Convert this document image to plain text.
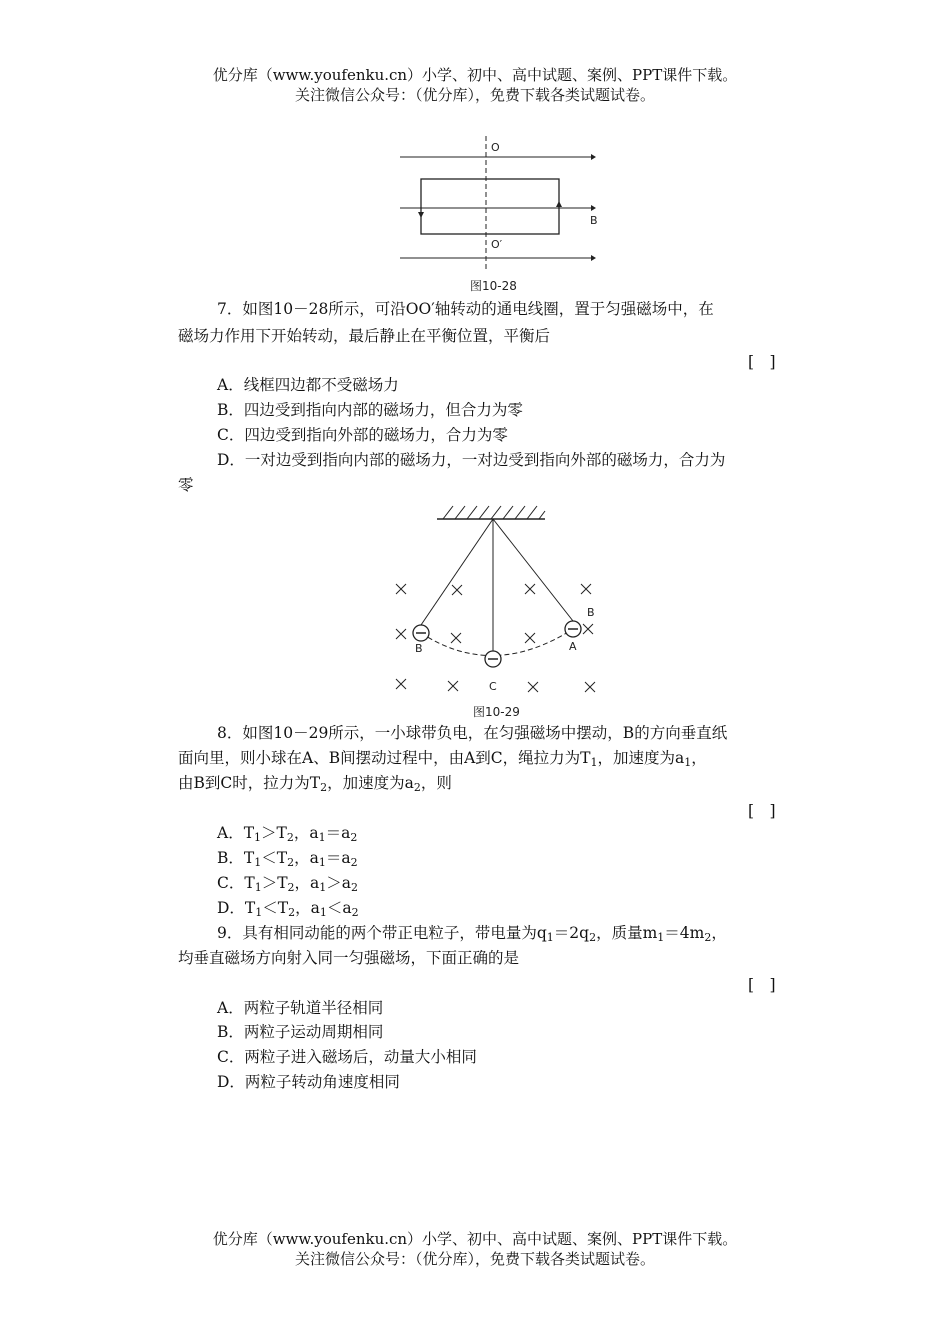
优分库（www.youfenku.cn）小学、初中、高中试题、案例、PPT课件下载。
关注微信公众号：（优分库），免费下载各类试题试卷。
O
O′
B
图10-28
7．如图10－28所示，可沿OO′轴转动的通电线圈，置于匀强磁场中，在
磁场力作用下开始转动，最后静止在平衡位置，平衡后
[　]
A．线框四边都不受磁场力
B．四边受到指向内部的磁场力，但合力为零
C．四边受到指向外部的磁场力，合力为零
D．一对边受到指向内部的磁场力，一对边受到指向外部的磁场力，合力为
零
B
B	A
C
图10-29
8．如图10－29所示，一小球带负电，在匀强磁场中摆动，B的方向垂直纸
面向里，则小球在A、B间摆动过程中，由A到C，绳拉力为$T_1$，加速度为$a_1$，
由B到C时，拉力为$T_2$，加速度为$a_2$，则
[　]
A．$T_1>T_2$，$a_1=a_2$
B．$T_1<T_2$，$a_1=a_2$
C．$T_1>T_2$，$a_1>a_2$
D．$T_1<T_2$，$a_1<a_2$
9．具有相同动能的两个带正电粒子，带电量为$q_1=2q_2$，质量$m_1=4m_2$，
均垂直磁场方向射入同一匀强磁场，下面正确的是
[　]
A．两粒子轨道半径相同
B．两粒子运动周期相同
C．两粒子进入磁场后，动量大小相同
D．两粒子转动角速度相同
优分库（www.youfenku.cn）小学、初中、高中试题、案例、PPT课件下载。
关注微信公众号：（优分库），免费下载各类试题试卷。
